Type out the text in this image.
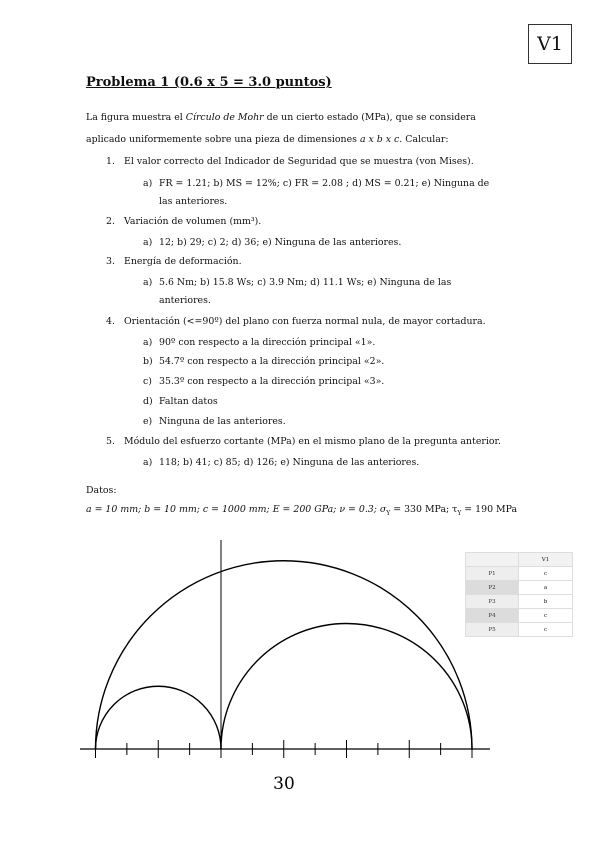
V1
Problema 1 (0.6 x 5 = 3.0 puntos)
La figura muestra el Círculo de Mohr de un cierto estado (MPa), que se considera
aplicado uniformemente sobre una pieza de dimensiones a x b x c. Calcular:
1. El valor correcto del Indicador de Seguridad que se muestra (von Mises).
a) FR = 1.21; b) MS = 12%; c) FR = 2.08 ; d) MS = 0.21; e) Ninguna de
las anteriores.
2. Variación de volumen (mm³).
a) 12; b) 29; c) 2; d) 36; e) Ninguna de las anteriores.
3. Energía de deformación.
a) 5.6 Nm; b) 15.8 Ws; c) 3.9 Nm; d) 11.1 Ws; e) Ninguna de las
anteriores.
4. Orientación (<=90º) del plano con fuerza normal nula, de mayor cortadura.
a) 90º con respecto a la dirección principal «1».
b) 54.7º con respecto a la dirección principal «2».
c) 35.3º con respecto a la dirección principal «3».
d) Faltan datos
e) Ninguna de las anteriores.
5. Módulo del esfuerzo cortante (MPa) en el mismo plano de la pregunta anterior.
a) 118; b) 41; c) 85; d) 126; e) Ninguna de las anteriores.
Datos:
a = 10 mm; b = 10 mm; c = 1000 mm; E = 200 GPa; ν = 0.3; $\sigma_Y = 330$ MPa; $\tau_Y = 190$ MPa
	V1
P1	c
P2	a
P3	b
P4	c
P5	c
30
